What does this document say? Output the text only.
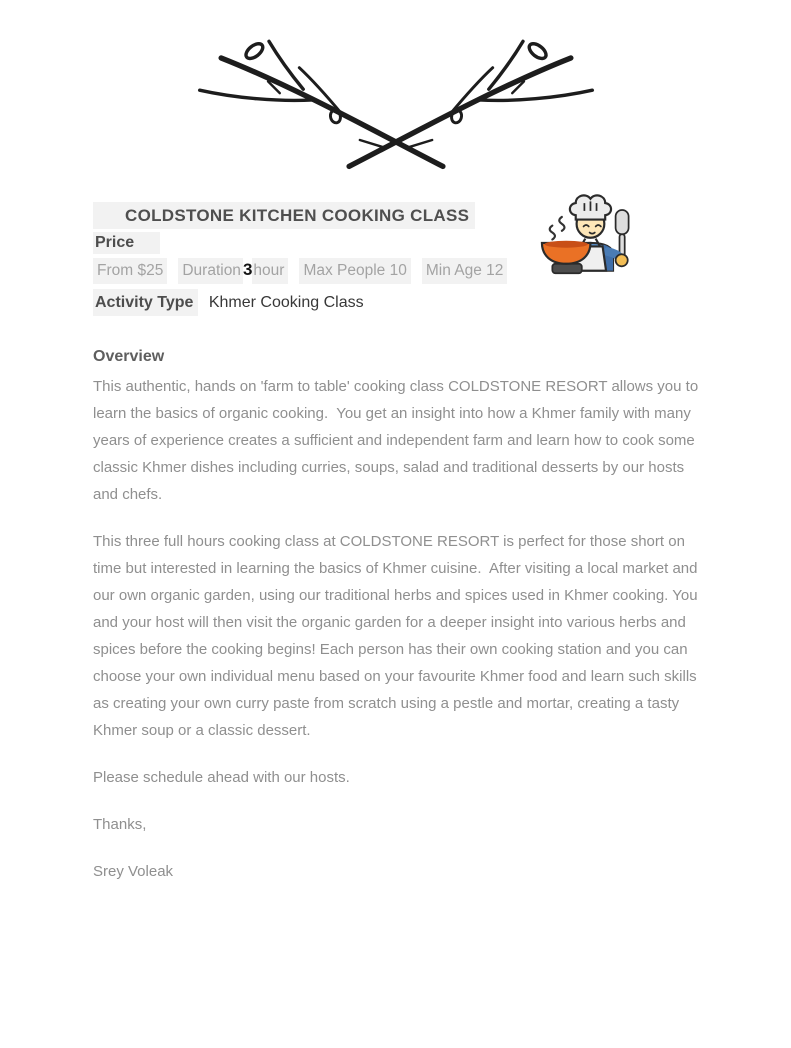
COLDSTONE KITCHEN COOKING CLASS
Price
From $25 Duration 3hour Max People 10 Min Age 12
Activity Type Khmer Cooking Class
Overview

This authentic, hands on 'farm to table' cooking class COLDSTONE RESORT allows you to learn the basics of organic cooking.  You get an insight into how a Khmer family with many years of experience creates a sufficient and independent farm and learn how to cook some classic Khmer dishes including curries, soups, salad and traditional desserts by our hosts and chefs.

This three full hours cooking class at COLDSTONE RESORT is perfect for those short on time but interested in learning the basics of Khmer cuisine.  After visiting a local market and our own organic garden, using our traditional herbs and spices used in Khmer cooking. You and your host will then visit the organic garden for a deeper insight into various herbs and spices before the cooking begins! Each person has their own cooking station and you can choose your own individual menu based on your favourite Khmer food and learn such skills as creating your own curry paste from scratch using a pestle and mortar, creating a tasty Khmer soup or a classic dessert.

Please schedule ahead with our hosts.

Thanks,

Srey Voleak
